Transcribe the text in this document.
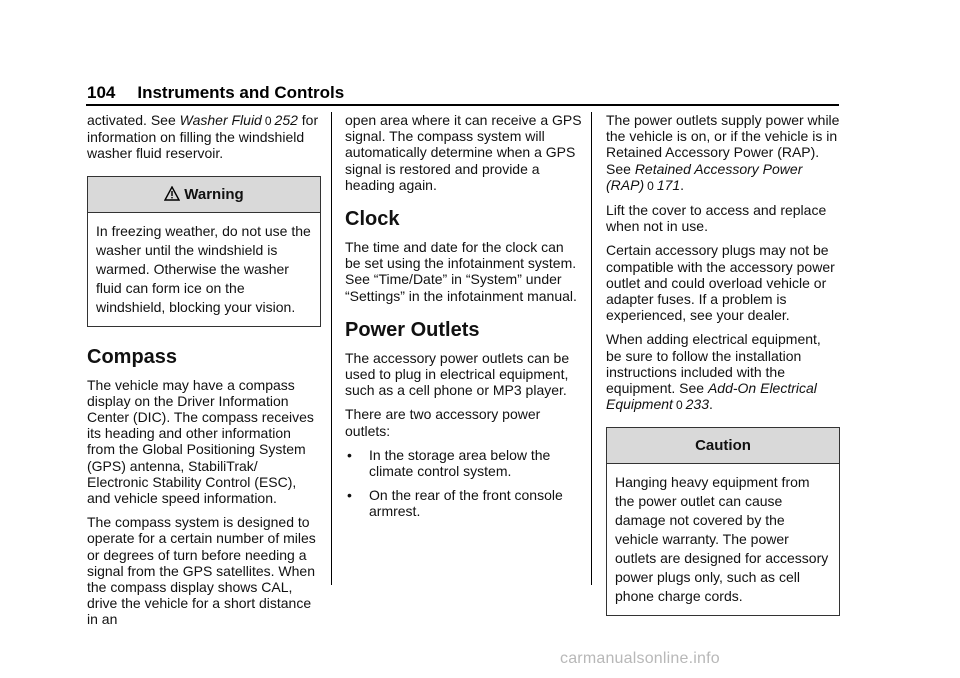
104 Instruments and Controls

activated. See Washer Fluid 0 252 for information on filling the windshield washer fluid reservoir.

Warning
In freezing weather, do not use the washer until the windshield is warmed. Otherwise the washer fluid can form ice on the windshield, blocking your vision.
Compass

The vehicle may have a compass display on the Driver Information Center (DIC). The compass receives its heading and other information from the Global Positioning System (GPS) antenna, StabiliTrak/ Electronic Stability Control (ESC), and vehicle speed information.

The compass system is designed to operate for a certain number of miles or degrees of turn before needing a signal from the GPS satellites. When the compass display shows CAL, drive the vehicle for a short distance in an

open area where it can receive a GPS signal. The compass system will automatically determine when a GPS signal is restored and provide a heading again.

Clock

The time and date for the clock can be set using the infotainment system. See “Time/Date” in “System” under “Settings” in the infotainment manual.

Power Outlets

The accessory power outlets can be used to plug in electrical equipment, such as a cell phone or MP3 player.

There are two accessory power outlets:

•	In the storage area below the climate control system.
•	On the rear of the front console armrest.

The power outlets supply power while the vehicle is on, or if the vehicle is in Retained Accessory Power (RAP). See Retained Accessory Power (RAP) 0 171.

Lift the cover to access and replace when not in use.

Certain accessory plugs may not be compatible with the accessory power outlet and could overload vehicle or adapter fuses. If a problem is experienced, see your dealer.

When adding electrical equipment, be sure to follow the installation instructions included with the equipment. See Add-On Electrical Equipment 0 233.

Caution
Hanging heavy equipment from the power outlet can cause damage not covered by the vehicle warranty. The power outlets are designed for accessory power plugs only, such as cell phone charge cords.
carmanualsonline.info
